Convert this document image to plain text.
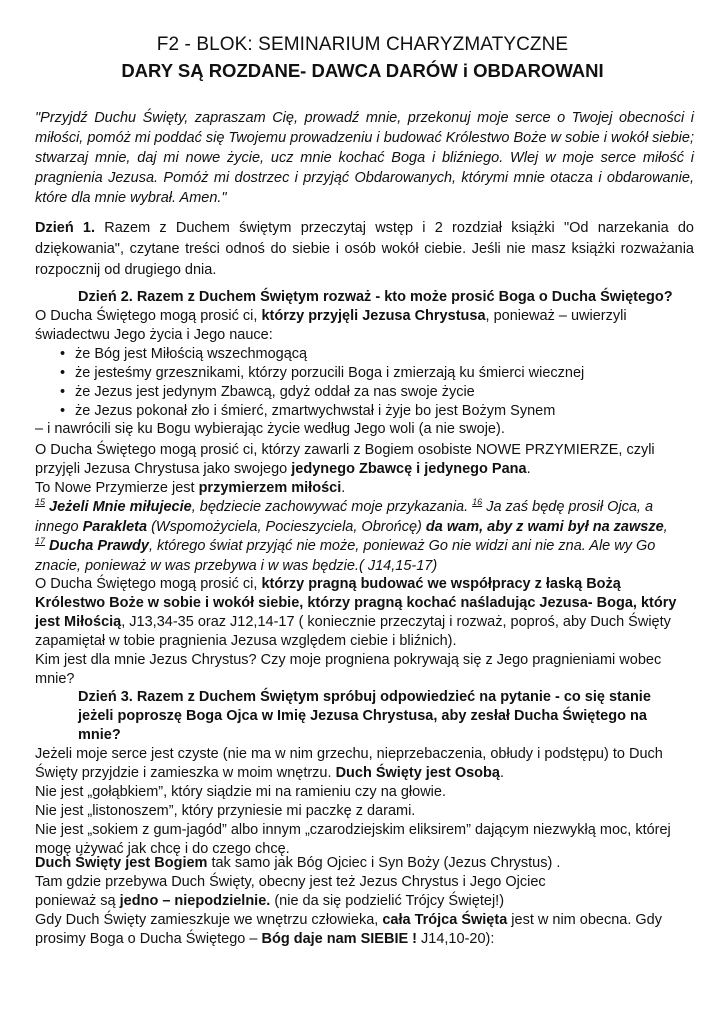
F2 - BLOK: SEMINARIUM CHARYZMATYCZNE
DARY SĄ ROZDANE- DAWCA DARÓW i OBDAROWANI
"Przyjdź Duchu Święty, zapraszam Cię, prowadź mnie, przekonuj moje serce o Twojej obecności i miłości, pomóż mi poddać się Twojemu prowadzeniu i budować Królestwo Boże w sobie i wokół siebie; stwarzaj mnie, daj mi nowe życie, ucz mnie kochać Boga i bliźniego. Wlej w moje serce miłość i pragnienia Jezusa. Pomóż mi dostrzec i przyjąć Obdarowanych, którymi mnie otacza i obdarowanie, które dla mnie wybrał. Amen."
Dzień 1. Razem z Duchem świętym przeczytaj wstęp i 2 rozdział książki "Od narzekania do dziękowania", czytane treści odnoś do siebie i osób wokół ciebie. Jeśli nie masz książki rozważania rozpocznij od drugiego dnia.
Dzień 2. Razem z Duchem Świętym rozważ - kto może prosić Boga o Ducha Świętego?
O Ducha Świętego mogą prosić ci, którzy przyjęli Jezusa Chrystusa, ponieważ – uwierzyli świadectwu Jego życia i Jego nauce:
• że Bóg jest Miłością wszechmogącą
• że jesteśmy grzesznikami, którzy porzucili Boga i zmierzają ku śmierci wiecznej
• że Jezus jest jedynym Zbawcą, gdyż oddał za nas swoje życie
• że Jezus pokonał zło i śmierć, zmartwychwstał i żyje bo jest Bożym Synem
– i nawrócili się ku Bogu wybierając życie według Jego woli (a nie swoje).
O Ducha Świętego mogą prosić ci, którzy zawarli z Bogiem osobiste NOWE PRZYMIERZE, czyli przyjęli Jezusa Chrystusa jako swojego jedynego Zbawcę i jedynego Pana.
To Nowe Przymierze jest przymierzem miłości.
$^{15}$ Jeżeli Mnie miłujecie, będziecie zachowywać moje przykazania. $^{16}$ Ja zaś będę prosił Ojca, a innego Parakleta (Wspomożyciela, Pocieszyciela, Obrońcę) da wam, aby z wami był na zawsze,
$^{17}$ Ducha Prawdy, którego świat przyjąć nie może, ponieważ Go nie widzi ani nie zna. Ale wy Go znacie, ponieważ w was przebywa i w was będzie.( J14,15-17)
O Ducha Świętego mogą prosić ci, którzy pragną budować we współpracy z łaską Bożą Królestwo Boże w sobie i wokół siebie, którzy pragną kochać naśladując Jezusa- Boga, który jest Miłością, J13,34-35 oraz J12,14-17 ( koniecznie przeczytaj i rozważ, poproś, aby Duch Święty zapamiętał w tobie pragnienia Jezusa względem ciebie i bliźnich).
Kim jest dla mnie Jezus Chrystus? Czy moje progniena pokrywają się z Jego pragnieniami wobec mnie?
Dzień 3. Razem z Duchem Świętym spróbuj odpowiedzieć na pytanie - co się stanie jeżeli poproszę Boga Ojca w Imię Jezusa Chrystusa, aby zesłał Ducha Świętego na mnie?
Jeżeli moje serce jest czyste (nie ma w nim grzechu, nieprzebaczenia, obłudy i podstępu) to Duch Święty przyjdzie i zamieszka w moim wnętrzu. Duch Święty jest Osobą.
Nie jest „gołąbkiem”, który siądzie mi na ramieniu czy na głowie.
Nie jest „listonoszem”, który przyniesie mi paczkę z darami.
Nie jest „sokiem z gum-jagód” albo innym „czarodziejskim eliksirem” dającym niezwykłą moc, której mogę używać jak chcę i do czego chcę.
Duch Święty jest Bogiem tak samo jak Bóg Ojciec i Syn Boży (Jezus Chrystus) .
Tam gdzie przebywa Duch Święty, obecny jest też Jezus Chrystus i Jego Ojciec
ponieważ są jedno – niepodzielnie. (nie da się podzielić Trójcy Świętej!)
Gdy Duch Święty zamieszkuje we wnętrzu człowieka, cała Trójca Święta jest w nim obecna. Gdy prosimy Boga o Ducha Świętego – Bóg daje nam SIEBIE ! J14,10-20):
